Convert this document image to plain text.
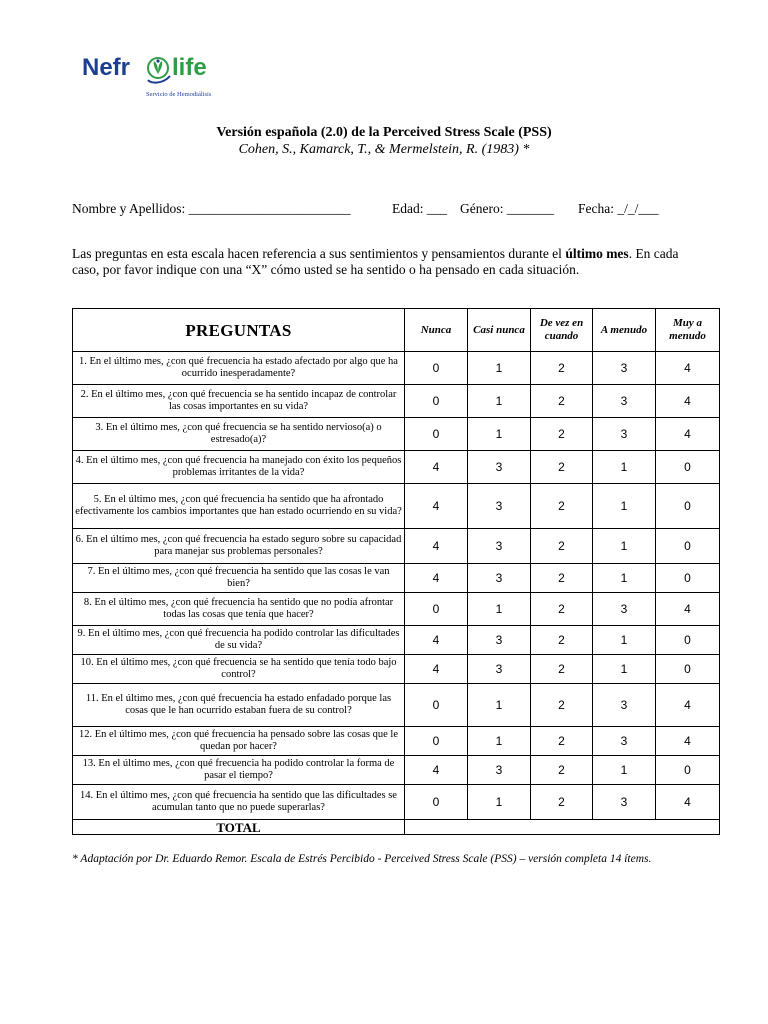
Nefr life
Servicio de Hemodiálisis
Versión española (2.0) de la Perceived Stress Scale (PSS)
Cohen, S., Kamarck, T., & Mermelstein, R. (1983) *
Nombre y Apellidos: ________________________	Edad: ___ Género: _______ Fecha: _/_/___
Las preguntas en esta escala hacen referencia a sus sentimientos y pensamientos durante el último mes. En cada caso, por favor indique con una “X” cómo usted se ha sentido o ha pensado en cada situación.
PREGUNTAS	Nunca	Casi nunca	De vez en cuando	A menudo	Muy a menudo
1. En el último mes, ¿con qué frecuencia ha estado afectado por algo que ha ocurrido inesperadamente?	0	1	2	3	4
2. En el último mes, ¿con qué frecuencia se ha sentido incapaz de controlar las cosas importantes en su vida?	0	1	2	3	4
3. En el último mes, ¿con qué frecuencia se ha sentido nervioso(a) o estresado(a)?	0	1	2	3	4
4. En el último mes, ¿con qué frecuencia ha manejado con éxito los pequeños problemas irritantes de la vida?	4	3	2	1	0
5. En el último mes, ¿con qué frecuencia ha sentido que ha afrontado efectivamente los cambios importantes que han estado ocurriendo en su vida?	4	3	2	1	0
6. En el último mes, ¿con qué frecuencia ha estado seguro sobre su capacidad para manejar sus problemas personales?	4	3	2	1	0
7. En el último mes, ¿con qué frecuencia ha sentido que las cosas le van bien?	4	3	2	1	0
8. En el último mes, ¿con qué frecuencia ha sentido que no podía afrontar todas las cosas que tenía que hacer?	0	1	2	3	4
9. En el último mes, ¿con qué frecuencia ha podido controlar las dificultades de su vida?	4	3	2	1	0
10. En el último mes, ¿con qué frecuencia se ha sentido que tenía todo bajo control?	4	3	2	1	0
11. En el último mes, ¿con qué frecuencia ha estado enfadado porque las cosas que le han ocurrido estaban fuera de su control?	0	1	2	3	4
12. En el último mes, ¿con qué frecuencia ha pensado sobre las cosas que le quedan por hacer?	0	1	2	3	4
13. En el último mes, ¿con qué frecuencia ha podido controlar la forma de pasar el tiempo?	4	3	2	1	0
14. En el último mes, ¿con qué frecuencia ha sentido que las dificultades se acumulan tanto que no puede superarlas?	0	1	2	3	4
TOTAL					
* Adaptación por Dr. Eduardo Remor. Escala de Estrés Percibido - Perceived Stress Scale (PSS) – versión completa 14 ítems.
